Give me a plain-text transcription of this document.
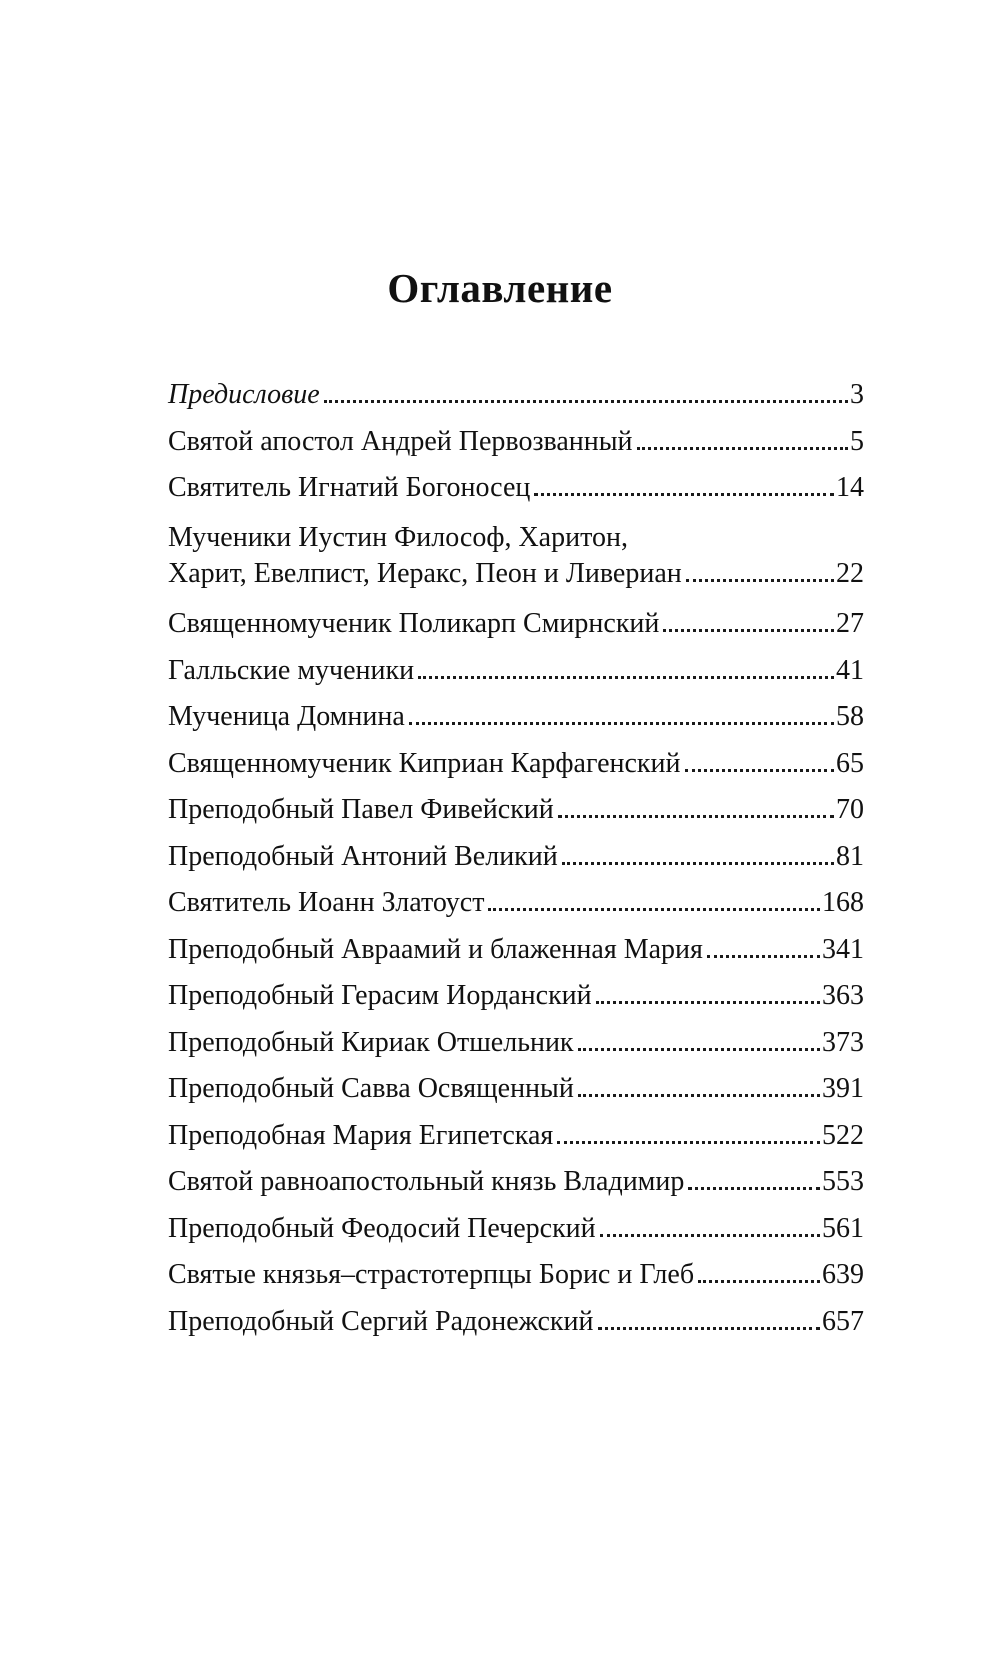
Оглавление
Предисловие	3
Святой апостол Андрей Первозванный	5
Святитель Игнатий Богоносец	14
Мученики Иустин Философ, Харитон,
Харит, Евелпист, Иеракс, Пеон и Ливериан	22
Священномученик Поликарп Смирнский	27
Галльские мученики	41
Мученица Домнина	58
Священномученик Киприан Карфагенский	65
Преподобный Павел Фивейский	70
Преподобный Антоний Великий	81
Святитель Иоанн Златоуст	168
Преподобный Авраамий и блаженная Мария	341
Преподобный Герасим Иорданский	363
Преподобный Кириак Отшельник	373
Преподобный Савва Освященный	391
Преподобная Мария Египетская	522
Святой равноапостольный князь Владимир	553
Преподобный Феодосий Печерский	561
Святые князья–страстотерпцы Борис и Глеб	639
Преподобный Сергий Радонежский	657
